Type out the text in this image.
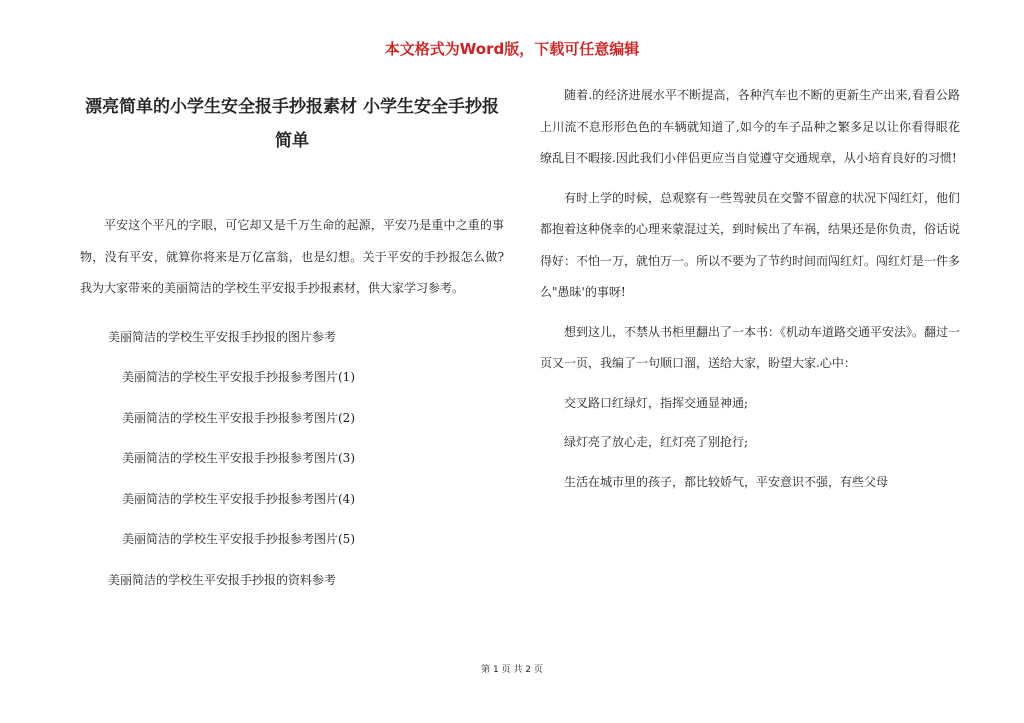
本文格式为Word版，下载可任意编辑
漂亮简单的小学生安全报手抄报素材 小学生安全手抄报简单

平安这个平凡的字眼，可它却又是千万生命的起源，平安乃是重中之重的事物，没有平安，就算你将来是万亿富翁，也是幻想。关于平安的手抄报怎么做?我为大家带来的美丽简洁的学校生平安报手抄报素材，供大家学习参考。

美丽简洁的学校生平安报手抄报的图片参考
美丽简洁的学校生平安报手抄报参考图片(1)
美丽简洁的学校生平安报手抄报参考图片(2)
美丽简洁的学校生平安报手抄报参考图片(3)
美丽简洁的学校生平安报手抄报参考图片(4)
美丽简洁的学校生平安报手抄报参考图片(5)
美丽简洁的学校生平安报手抄报的资料参考

随着.的经济进展水平不断提高，各种汽车也不断的更新生产出来,看看公路上川流不息形形色色的车辆就知道了,如今的车子品种之繁多足以让你看得眼花缭乱目不暇接.因此我们小伴侣更应当自觉遵守交通规章，从小培育良好的习惯!

有时上学的时候，总观察有一些驾驶员在交警不留意的状况下闯红灯，他们都抱着这种侥幸的心理来蒙混过关，到时候出了车祸，结果还是你负责，俗话说得好：不怕一万，就怕万一。所以不要为了节约时间而闯红灯。闯红灯是一件多么"愚昧'的事呀!

想到这儿，不禁从书柜里翻出了一本书：《机动车道路交通平安法》。翻过一页又一页，我编了一句顺口溜，送给大家，盼望大家.心中：

交叉路口红绿灯，指挥交通显神通;

绿灯亮了放心走，红灯亮了别抢行;

生活在城市里的孩子，都比较娇气，平安意识不强，有些父母

第 1 页 共 2 页
